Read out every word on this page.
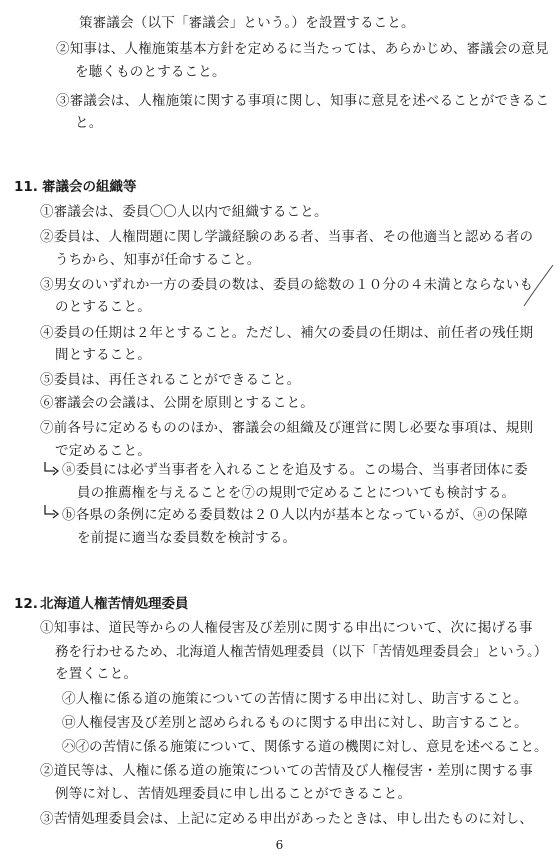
策審議会（以下「審議会」という。）を設置すること。
②知事は、人権施策基本方針を定めるに当たっては、あらかじめ、審議会の意見
を聴くものとすること。
③審議会は、人権施策に関する事項に関し、知事に意見を述べることができるこ
と。
11. 審議会の組織等
①審議会は、委員〇〇人以内で組織すること。
②委員は、人権問題に関し学識経験のある者、当事者、その他適当と認める者の
うちから、知事が任命すること。
③男女のいずれか一方の委員の数は、委員の総数の１０分の４未満とならないも
のとすること。
④委員の任期は２年とすること。ただし、補欠の委員の任期は、前任者の残任期
間とすること。
⑤委員は、再任されることができること。
⑥審議会の会議は、公開を原則とすること。
⑦前各号に定めるもののほか、審議会の組織及び運営に関し必要な事項は、規則
で定めること。
ⓐ委員には必ず当事者を入れることを追及する。この場合、当事者団体に委
員の推薦権を与えることを⑦の規則で定めることについても検討する。
ⓑ各県の条例に定める委員数は２０人以内が基本となっているが、ⓐの保障
を前提に適当な委員数を検討する。
12. 北海道人権苦情処理委員
①知事は、道民等からの人権侵害及び差別に関する申出について、次に掲げる事
務を行わせるため、北海道人権苦情処理委員（以下「苦情処理委員会」という。）
を置くこと。
㋑人権に係る道の施策についての苦情に関する申出に対し、助言すること。
㋺人権侵害及び差別と認められるものに関する申出に対し、助言すること。
㋩㋑の苦情に係る施策について、関係する道の機関に対し、意見を述べること。
②道民等は、人権に係る道の施策についての苦情及び人権侵害・差別に関する事
例等に対し、苦情処理委員に申し出ることができること。
③苦情処理委員会は、上記に定める申出があったときは、申し出たものに対し、
6
